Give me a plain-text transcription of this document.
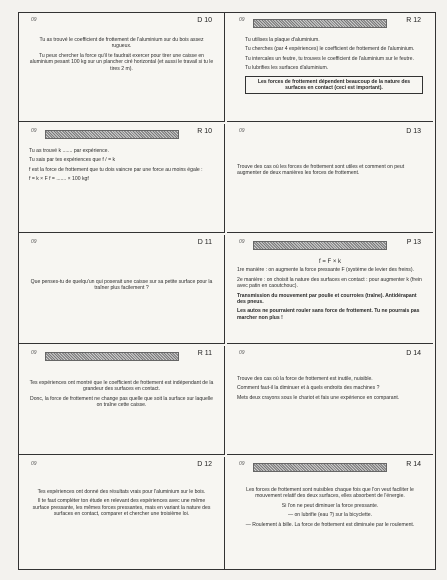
09	D 10

Tu as trouvé le coefficient de frottement de l'aluminium sur du bois assez rugueux.

Tu peux chercher la force qu'il te faudrait exercer pour tirer une caisse en aluminium pesant 100 kg sur un plancher ciré horizontal (et aussi le travail si tu le tires 2 m).

09	R 12

Tu utilises la plaque d'aluminium.

Tu cherches (par 4 expériences) le coefficient de frottement de l'aluminium.

Tu intercales un feutre, tu trouves le coefficient de l'aluminium sur le feutre.

Tu lubrifies les surfaces d'aluminium.

Les forces de frottement dépendent beaucoup de la nature des surfaces en contact (ceci est important).
09	R 10

Tu as trouvé k ....... par expérience.

Tu sais par tes expériences que f / = k

f est la force de frottement que tu dois vaincre par une force au moins égale :

f = k × F f = ....... × 100 kgf

09	D 13

Trouve des cas où les forces de frottement sont utiles et comment on peut augmenter de deux manières les forces de frottement.

09	D 11

Que penses-tu de quelqu'un qui poserait une caisse sur sa petite surface pour la traîner plus facilement ?

09	P 13
f = F × k

1re manière : on augmente la force pressante F (système de levier des freins).

2e manière : on choisit la nature des surfaces en contact : pour augmenter k (frein avec patin en caoutchouc).

Transmission du mouvement par poulie et courroies (traîne). Antidérapant des pneus.

Les autos ne pourraient rouler sans force de frottement. Tu ne pourrais pas marcher non plus !

09	R 11

Tes expériences ont montré que le coefficient de frottement est indépendant de la grandeur des surfaces en contact.

Donc, la force de frottement ne change pas quelle que soit la surface sur laquelle on traîne cette caisse.

09	D 14

Trouve des cas où la force de frottement est inutile, nuisible.

Comment faut-il la diminuer et à quels endroits des machines ?

Mets deux crayons sous le chariot et fais une expérience en comparant.

09	D 12

Tes expériences ont donné des résultats vrais pour l'aluminium sur le bois.

Il te faut compléter ton étude en relevant des expériences avec une même surface pressante, les mêmes forces pressantes, mais en variant la nature des surfaces en contact, comparer et chercher une troisième loi.

09	R 14

Les forces de frottement sont nuisibles chaque fois que l'on veut faciliter le mouvement relatif des deux surfaces, elles absorbent de l'énergie.

Si l'on ne peut diminuer la force pressante.

— on lubrifie (eau ?) sur la bicyclette.

— Roulement à bille. La force de frottement est diminuée par le roulement.
